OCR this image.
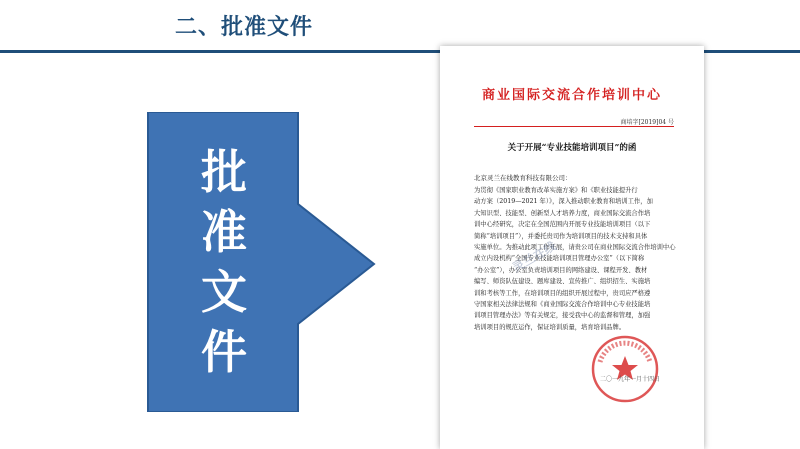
二、批准文件
批
准
文
件
商业国际交流合作培训中心
商培字[2019]04 号
关于开展“专业技能培训项目”的函
北京灵兰在线教育科技有限公司：
为贯彻《国家职业教育改革实施方案》和《职业技能提升行
动方案（2019—2021 年）》，深入推动职业教育和培训工作，加
大知识型、技能型、创新型人才培养力度，商业国际交流合作培
训中心经研究，决定在全国范围内开展专业技能培训项目（以下
简称“培训项目”），并委托贵司作为培训项目的技术支持和具体
实施单位。为推动此项工作开展，请贵公司在商业国际交流合作培训中心
成立内设机构“全国专业技能培训项目管理办公室”（以下简称
“办公室”），办公室负责培训项目的网络建设、课程开发、教材
编写、师资队伍建设、题库建设、宣传推广、组织招生、实施培
训和考核等工作，在培训项目的组织开展过程中，贵司应严格遵
守国家相关法律法规和《商业国际交流合作培训中心专业技能培
训项目管理办法》等有关规定，接受我中心的监督和管理，加强
培训项目的规范运作，保证培训质量，培育培训品牌。
灵兰在线
二〇一九年一月十四日
